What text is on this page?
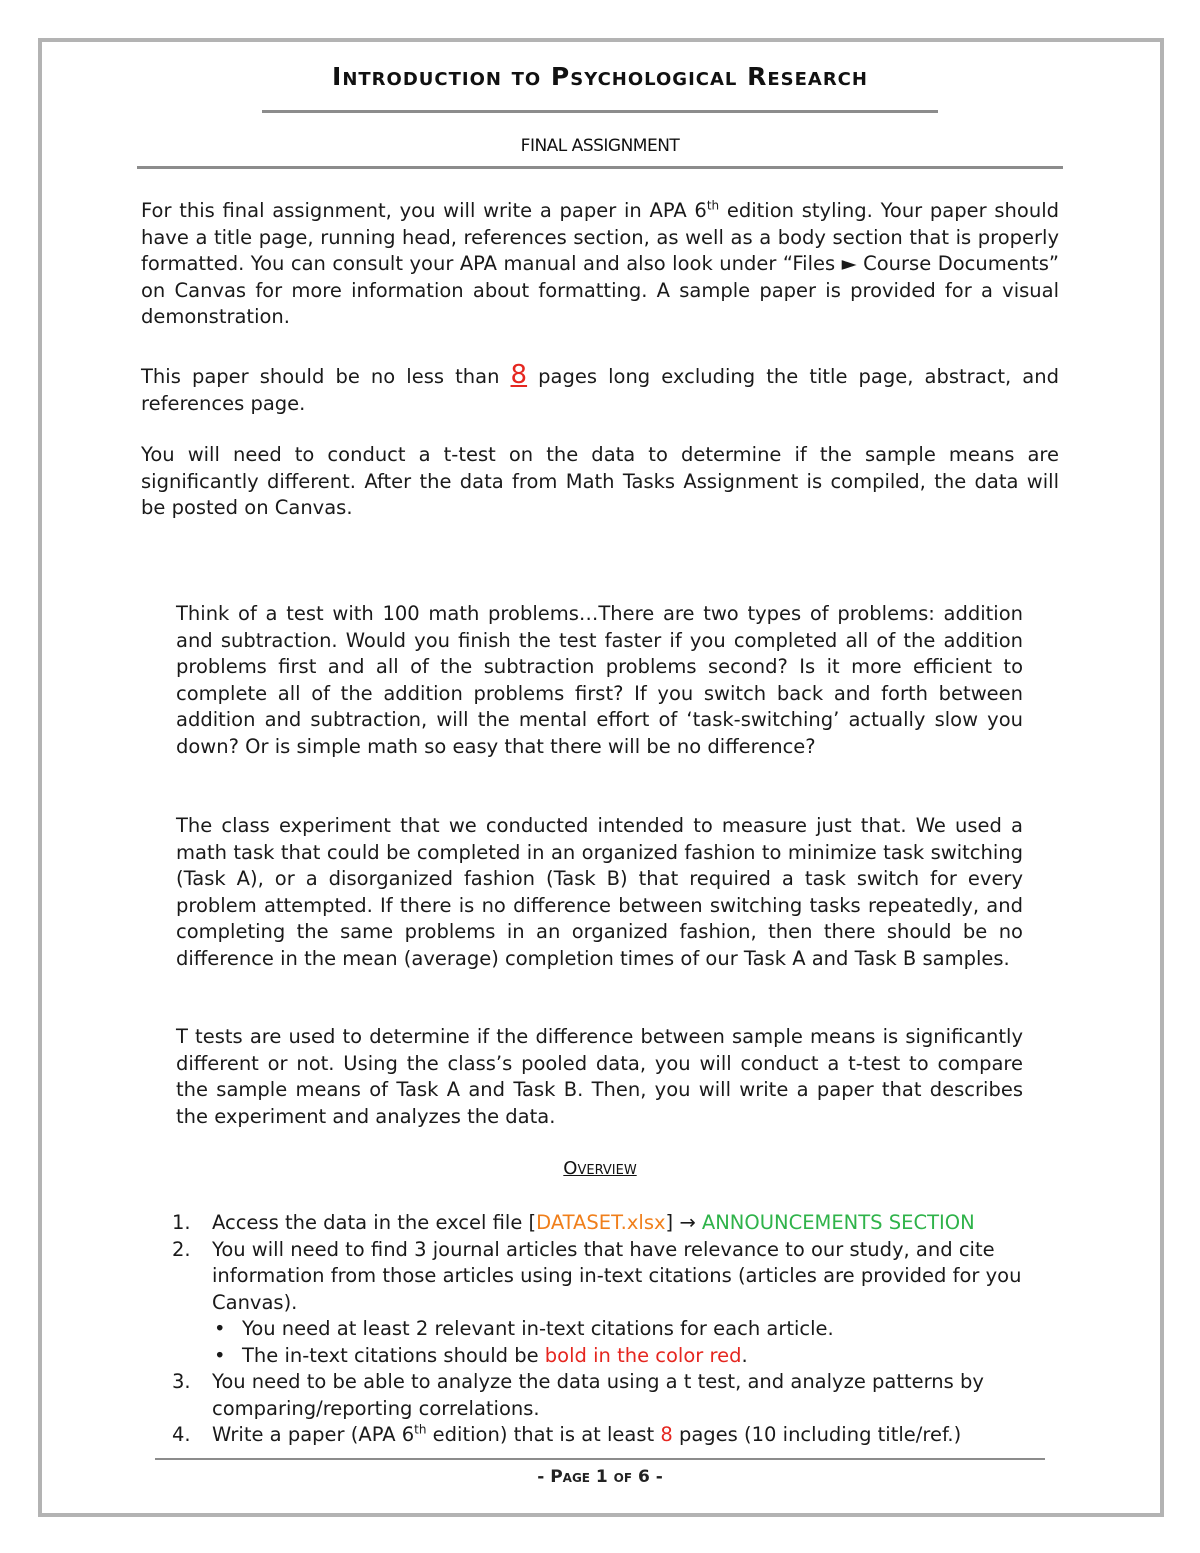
Introduction to Psychological Research
FINAL ASSIGNMENT

For this final assignment, you will write a paper in APA 6th edition styling. Your paper should have a title page, running head, references section, as well as a body section that is properly formatted. You can consult your APA manual and also look under “Files ► Course Documents” on Canvas for more information about formatting. A sample paper is provided for a visual demonstration.

This paper should be no less than 8 pages long excluding the title page, abstract, and references page.

You will need to conduct a t-test on the data to determine if the sample means are significantly different. After the data from Math Tasks Assignment is compiled, the data will be posted on Canvas.

Think of a test with 100 math problems…There are two types of problems: addition and subtraction. Would you finish the test faster if you completed all of the addition problems first and all of the subtraction problems second? Is it more efficient to complete all of the addition problems first? If you switch back and forth between addition and subtraction, will the mental effort of ‘task-switching’ actually slow you down? Or is simple math so easy that there will be no difference?

The class experiment that we conducted intended to measure just that. We used a math task that could be completed in an organized fashion to minimize task switching (Task A), or a disorganized fashion (Task B) that required a task switch for every problem attempted. If there is no difference between switching tasks repeatedly, and completing the same problems in an organized fashion, then there should be no difference in the mean (average) completion times of our Task A and Task B samples.

T tests are used to determine if the difference between sample means is significantly different or not. Using the class’s pooled data, you will conduct a t-test to compare the sample means of Task A and Task B. Then, you will write a paper that describes the experiment and analyzes the data.

Overview
1. Access the data in the excel file [DATASET.xlsx] → ANNOUNCEMENTS SECTION
2. You will need to find 3 journal articles that have relevance to our study, and cite information from those articles using in-text citations (articles are provided for you Canvas).
• You need at least 2 relevant in-text citations for each article.
• The in-text citations should be bold in the color red.
3. You need to be able to analyze the data using a t test, and analyze patterns by comparing/reporting correlations.
4. Write a paper (APA 6th edition) that is at least 8 pages (10 including title/ref.)
- Page 1 of 6 -
